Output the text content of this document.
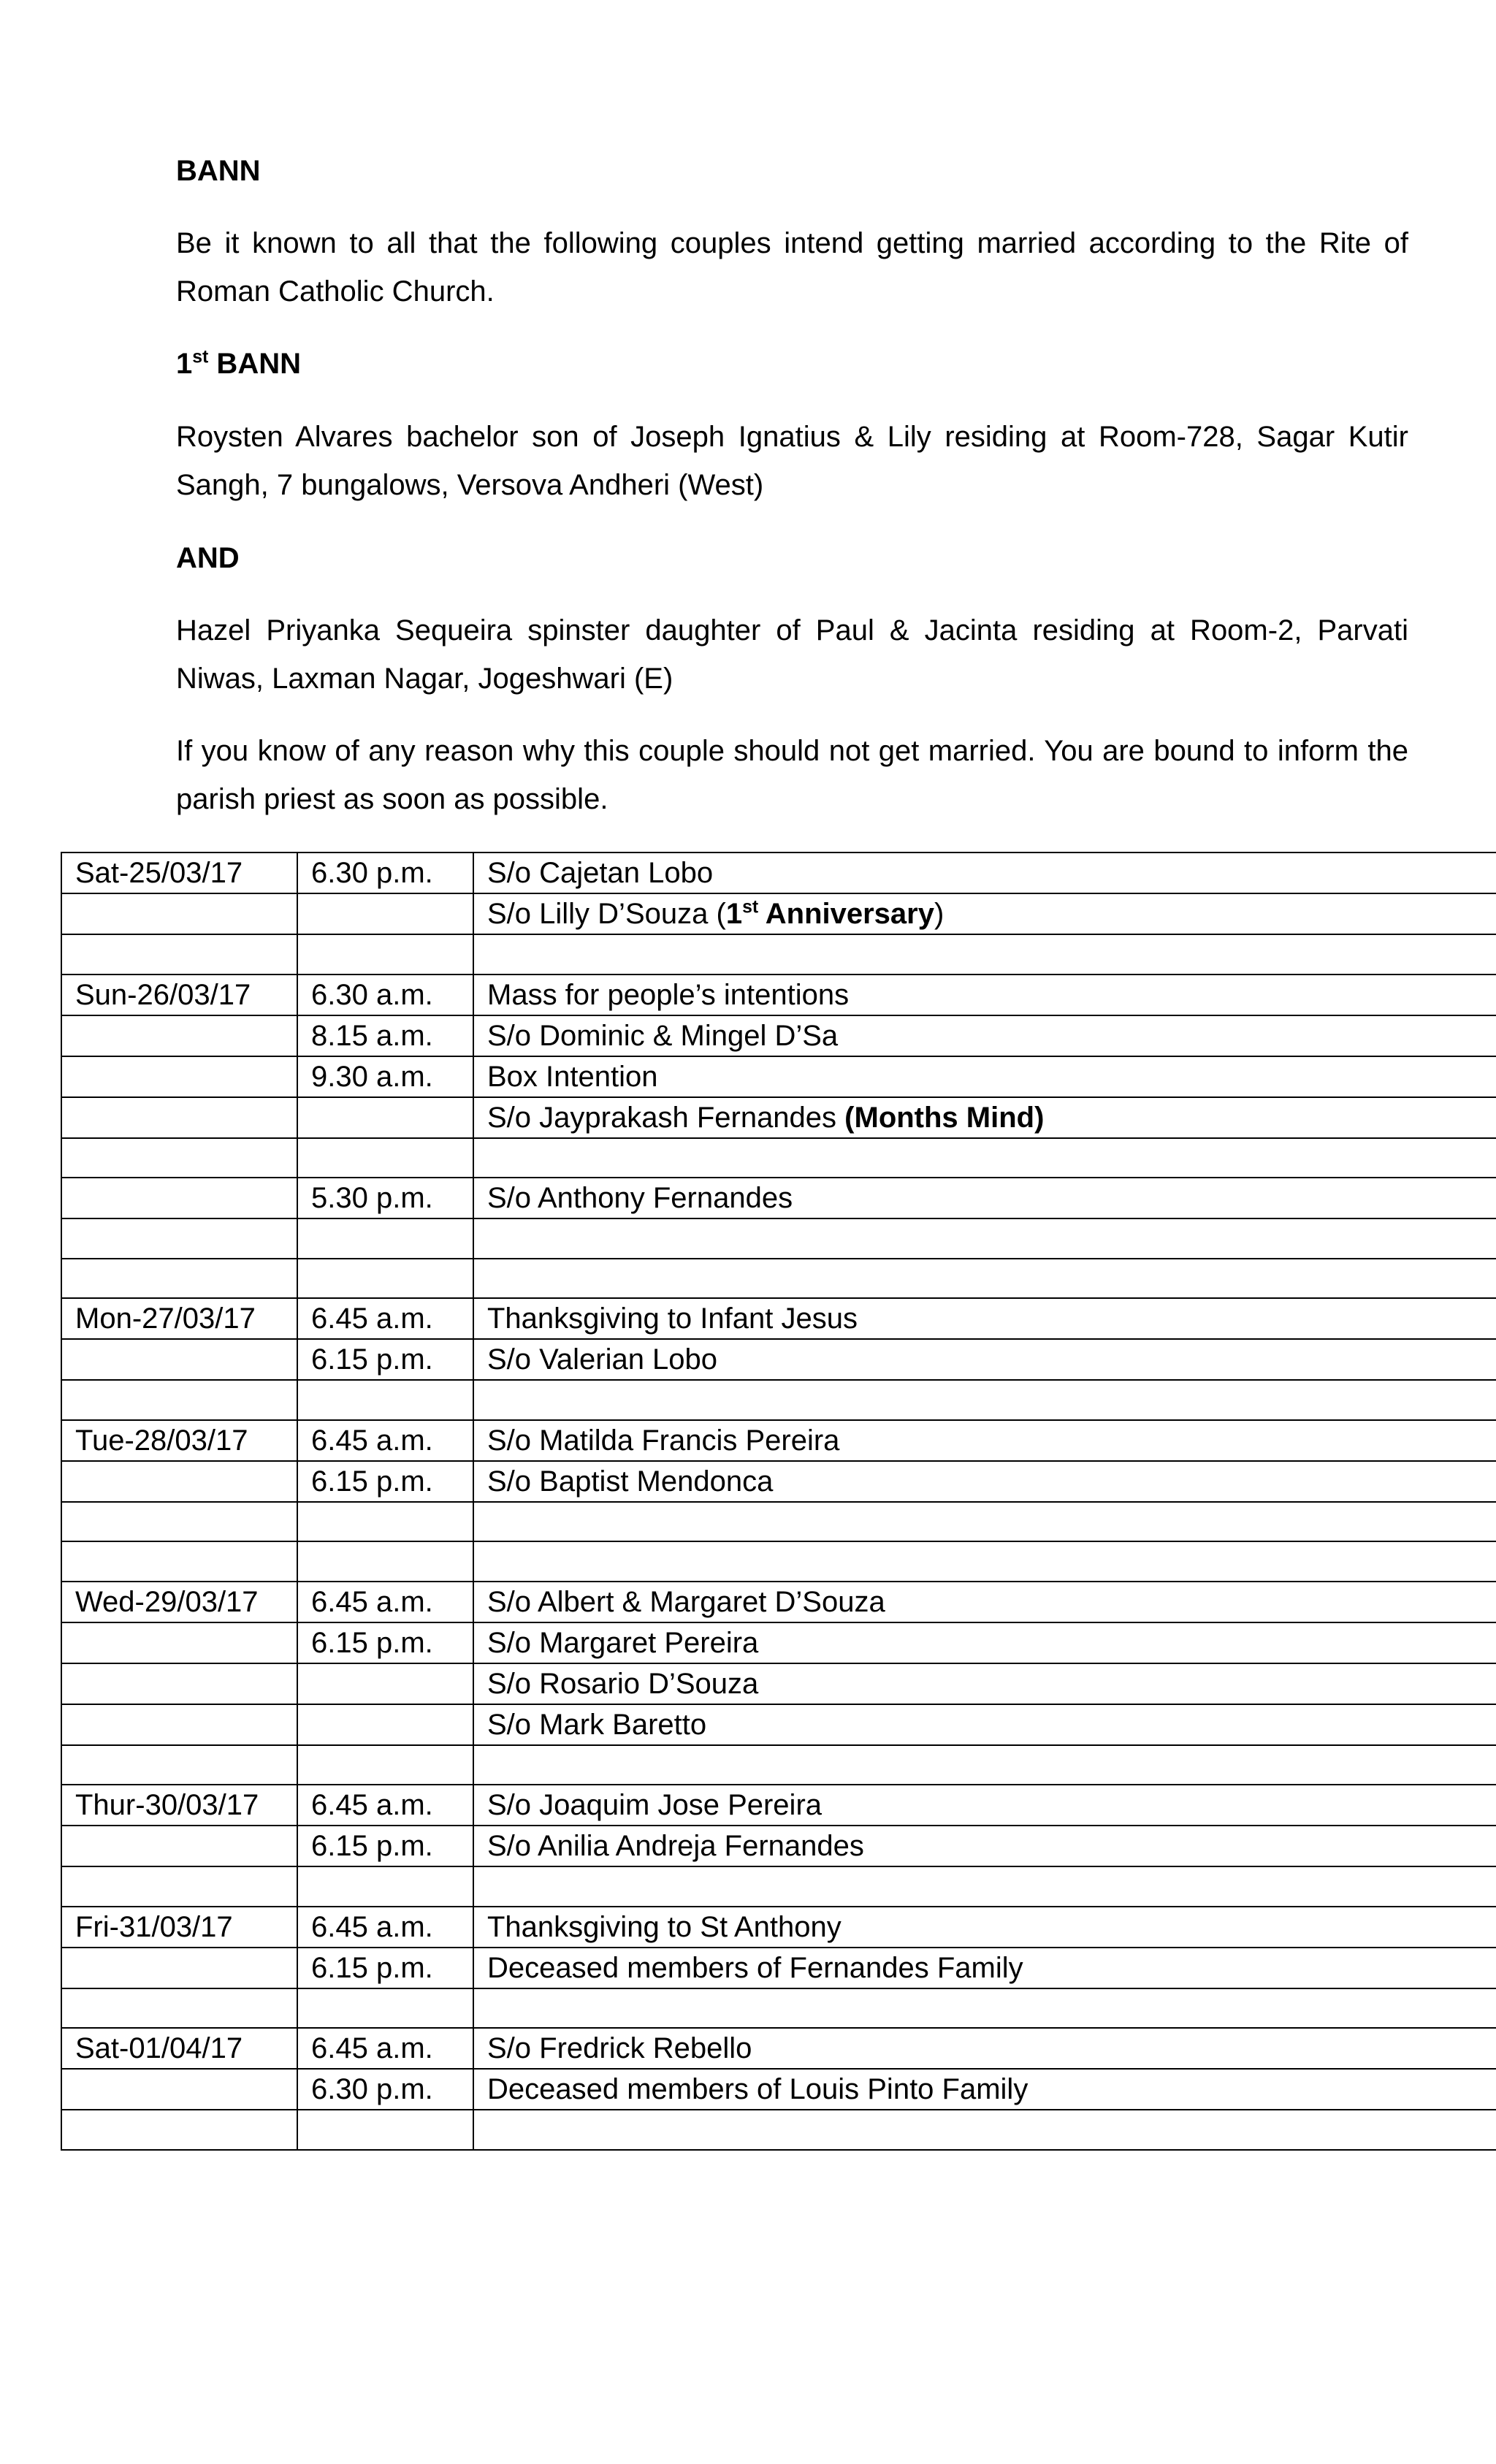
BANN
Be it known to all that the following couples intend getting married according to the Rite of Roman Catholic Church.
1st BANN
Roysten Alvares bachelor son of Joseph Ignatius & Lily residing at Room-728, Sagar Kutir Sangh, 7 bungalows, Versova Andheri (West)
AND
Hazel Priyanka Sequeira spinster daughter of Paul & Jacinta residing at Room-2, Parvati Niwas, Laxman Nagar, Jogeshwari (E)
If you know of any reason why this couple should not get married. You are bound to inform the parish priest as soon as possible.
Sat-25/03/17	6.30 p.m.	S/o Cajetan Lobo
		S/o Lilly D’Souza (1st Anniversary)

Sun-26/03/17	6.30 a.m.	Mass for people’s intentions
	8.15 a.m.	S/o Dominic & Mingel D’Sa
	9.30 a.m.	Box Intention
		S/o Jayprakash Fernandes (Months Mind)

	5.30 p.m.	S/o Anthony Fernandes

Mon-27/03/17	6.45 a.m.	Thanksgiving to Infant Jesus
	6.15 p.m.	S/o Valerian Lobo

Tue-28/03/17	6.45 a.m.	S/o Matilda Francis Pereira
	6.15 p.m.	S/o Baptist Mendonca

Wed-29/03/17	6.45 a.m.	S/o Albert & Margaret D’Souza
	6.15 p.m.	S/o Margaret Pereira
		S/o Rosario D’Souza
		S/o Mark Baretto

Thur-30/03/17	6.45 a.m.	S/o Joaquim Jose Pereira
	6.15 p.m.	S/o Anilia Andreja Fernandes

Fri-31/03/17	6.45 a.m.	Thanksgiving to St Anthony
	6.15 p.m.	Deceased members of Fernandes Family

Sat-01/04/17	6.45 a.m.	S/o Fredrick Rebello
	6.30 p.m.	Deceased members of Louis Pinto Family
